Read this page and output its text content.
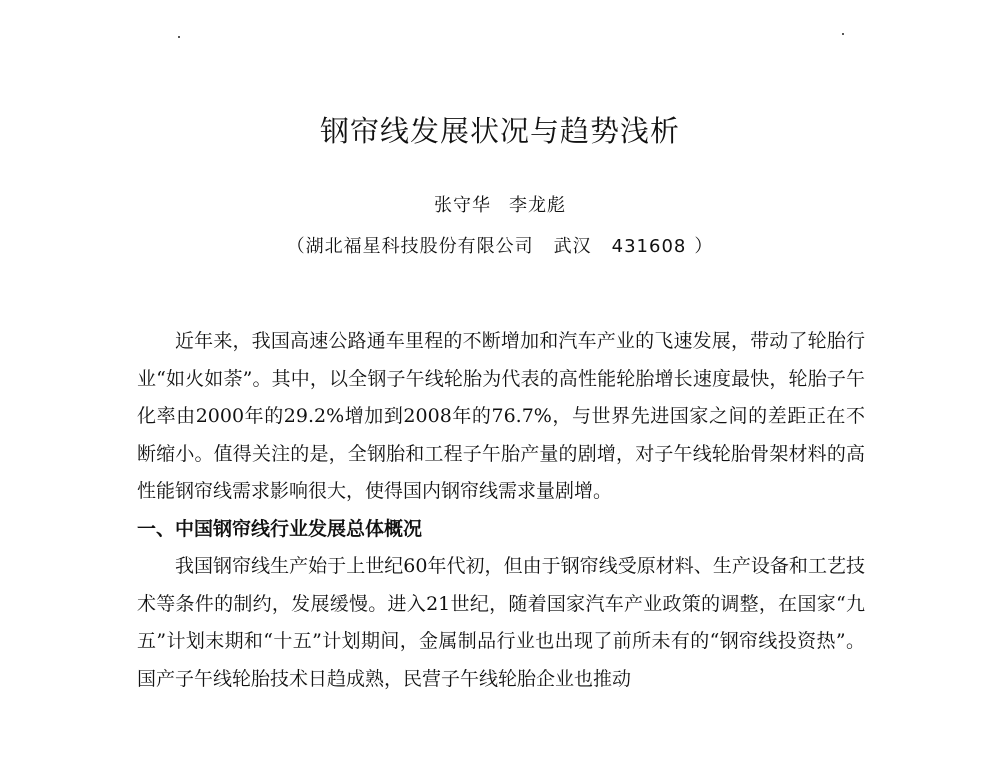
钢帘线发展状况与趋势浅析
张守华 李龙彪
（湖北福星科技股份有限公司 武汉 431608 ）

近年来，我国高速公路通车里程的不断增加和汽车产业的飞速发展，带动了轮胎行业“如火如荼”。其中，以全钢子午线轮胎为代表的高性能轮胎增长速度最快，轮胎子午化率由2000年的29.2%增加到2008年的76.7%，与世界先进国家之间的差距正在不断缩小。值得关注的是，全钢胎和工程子午胎产量的剧增，对子午线轮胎骨架材料的高性能钢帘线需求影响很大，使得国内钢帘线需求量剧增。

一、中国钢帘线行业发展总体概况

我国钢帘线生产始于上世纪60年代初，但由于钢帘线受原材料、生产设备和工艺技术等条件的制约，发展缓慢。进入21世纪，随着国家汽车产业政策的调整，在国家“九五”计划末期和“十五”计划期间，金属制品行业也出现了前所未有的“钢帘线投资热”。国产子午线轮胎技术日趋成熟，民营子午线轮胎企业也推动
